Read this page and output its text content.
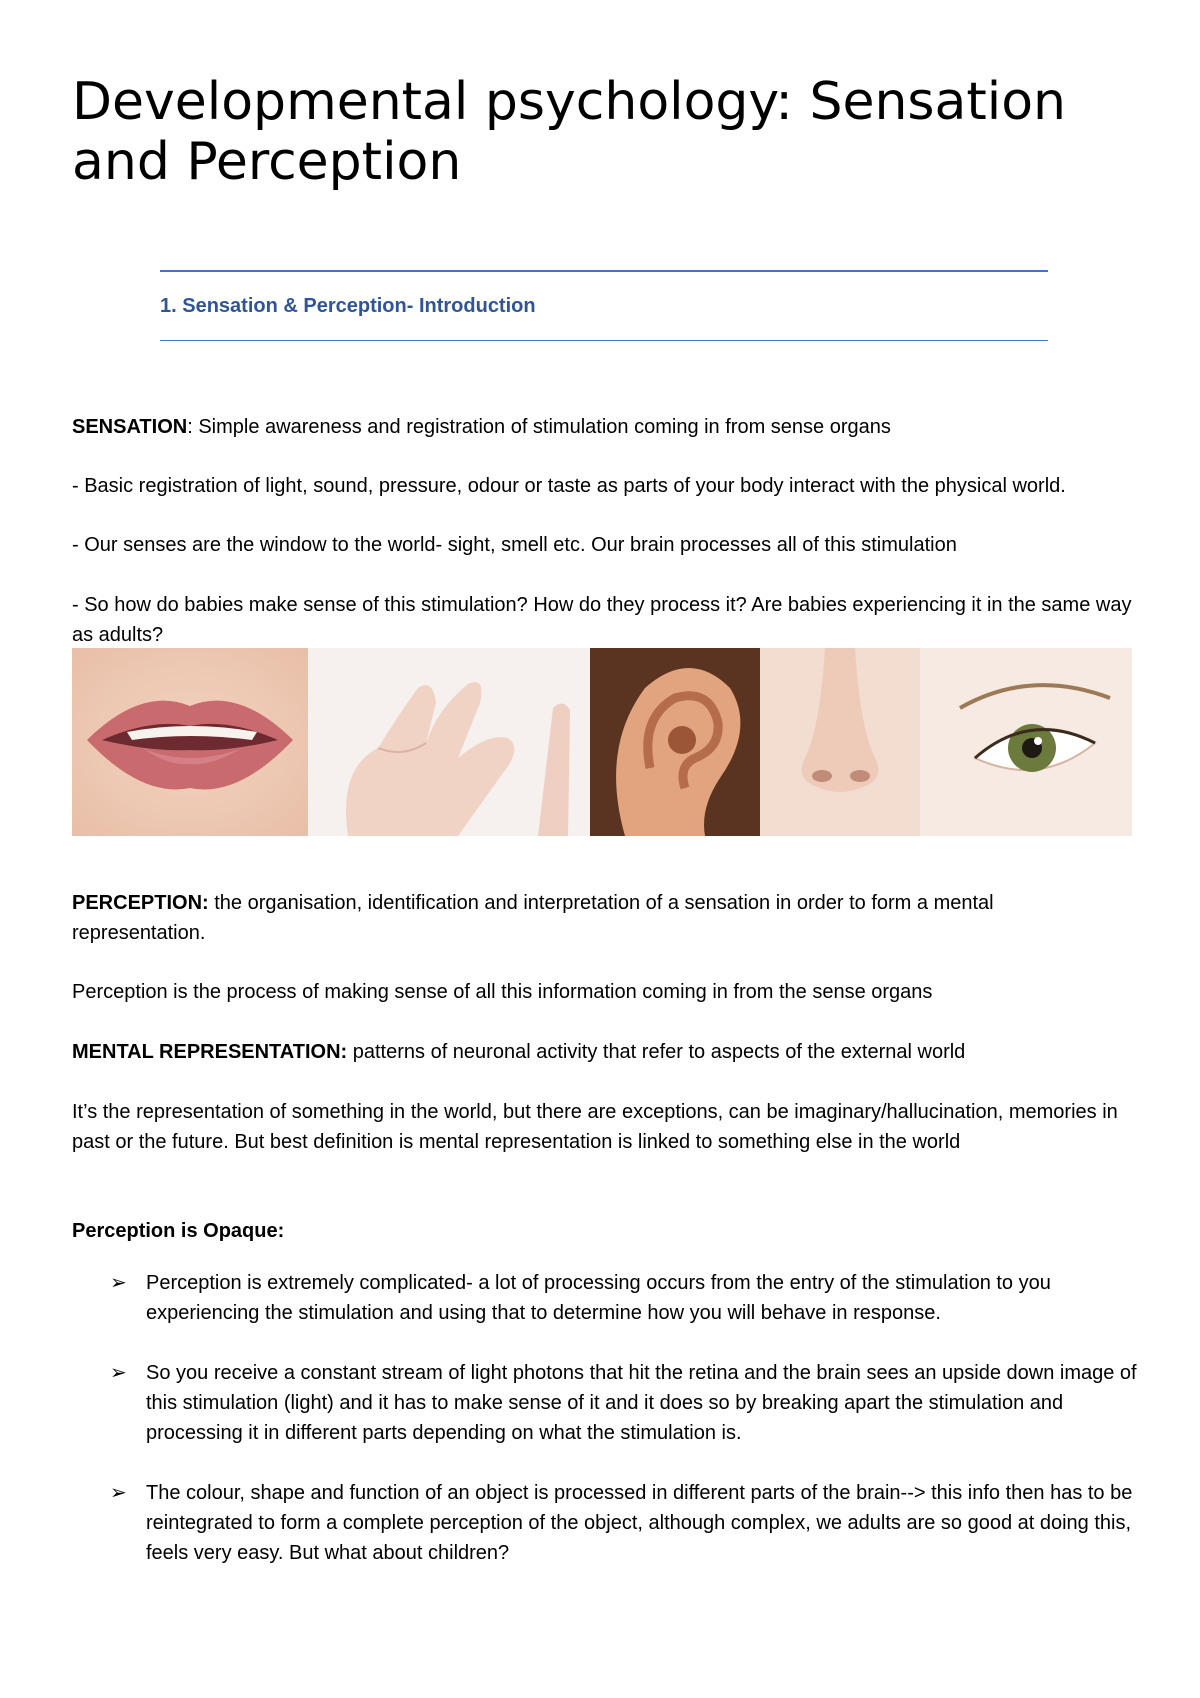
Developmental psychology: Sensation and Perception

1. Sensation & Perception- Introduction

SENSATION: Simple awareness and registration of stimulation coming in from sense organs

- Basic registration of light, sound, pressure, odour or taste as parts of your body interact with the physical world.

- Our senses are the window to the world- sight, smell etc. Our brain processes all of this stimulation

- So how do babies make sense of this stimulation? How do they process it? Are babies experiencing it in the same way as adults?

PERCEPTION: the organisation, identification and interpretation of a sensation in order to form a mental representation.

Perception is the process of making sense of all this information coming in from the sense organs

MENTAL REPRESENTATION: patterns of neuronal activity that refer to aspects of the external world

It’s the representation of something in the world, but there are exceptions, can be imaginary/hallucination, memories in past or the future. But best definition is mental representation is linked to something else in the world

Perception is Opaque:

➢ Perception is extremely complicated- a lot of processing occurs from the entry of the stimulation to you experiencing the stimulation and using that to determine how you will behave in response.
➢ So you receive a constant stream of light photons that hit the retina and the brain sees an upside down image of this stimulation (light) and it has to make sense of it and it does so by breaking apart the stimulation and processing it in different parts depending on what the stimulation is.
➢ The colour, shape and function of an object is processed in different parts of the brain--> this info then has to be reintegrated to form a complete perception of the object, although complex, we adults are so good at doing this, feels very easy. But what about children?
